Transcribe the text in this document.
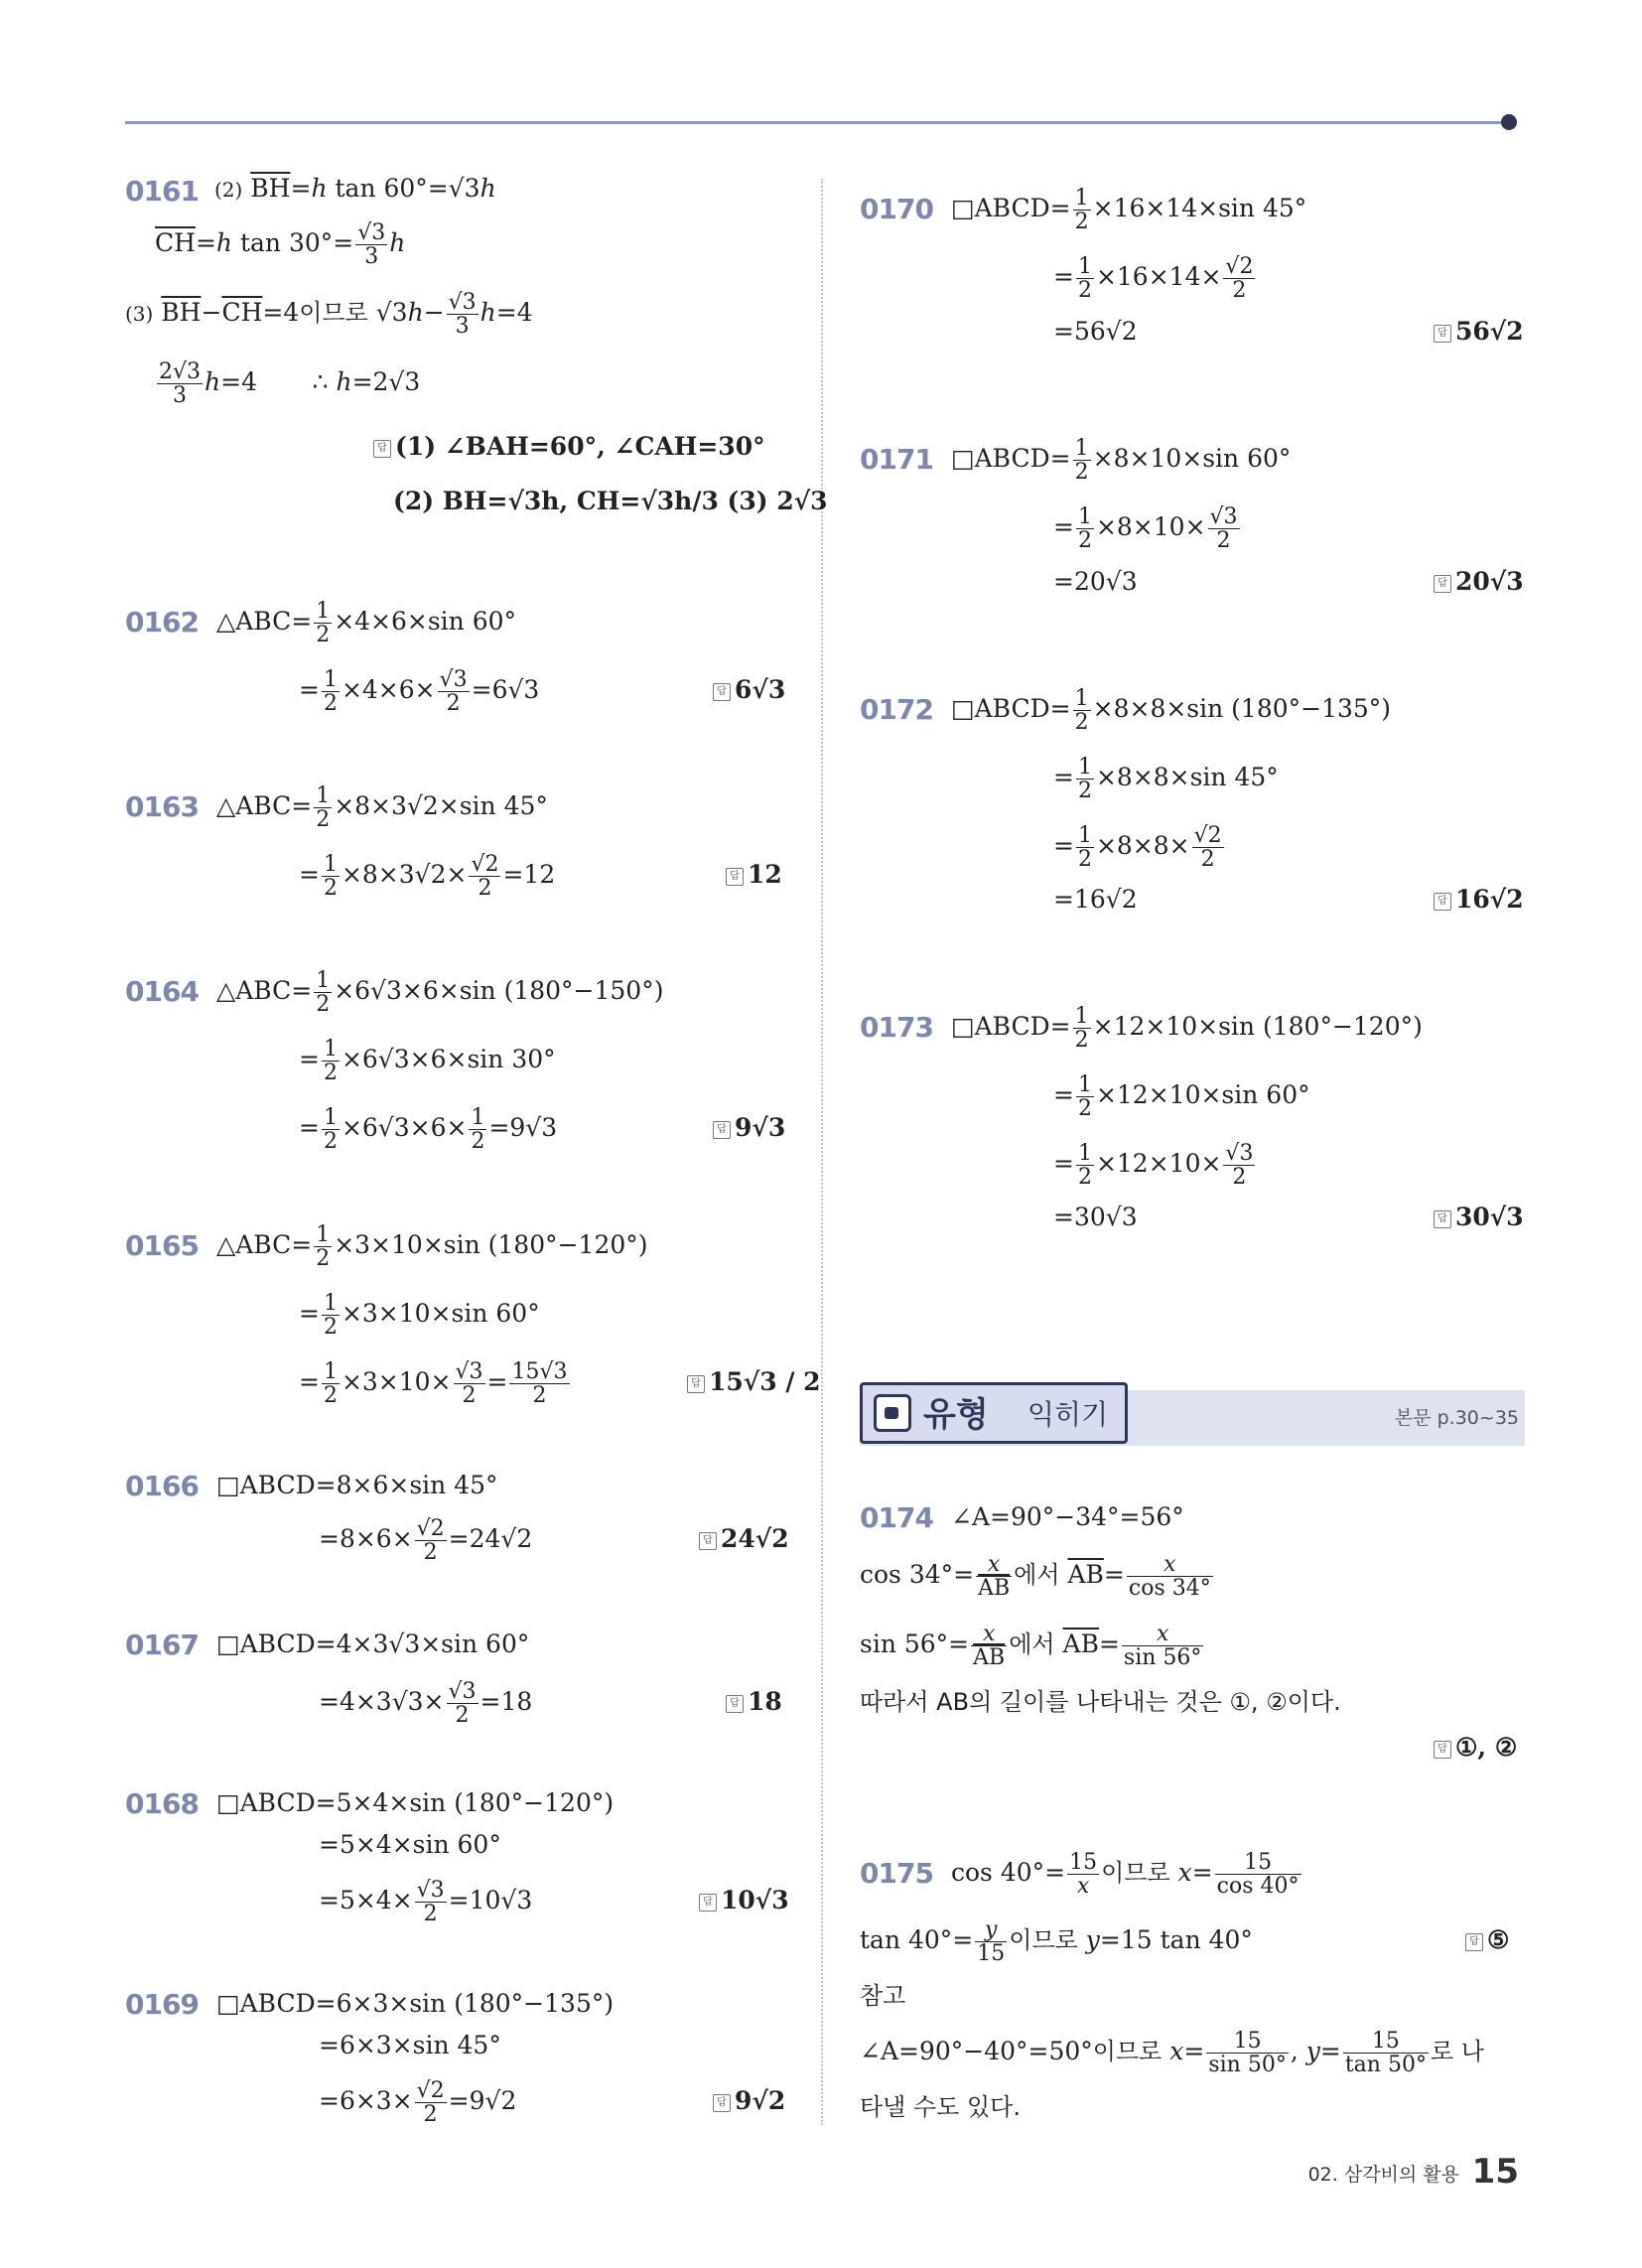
0161 (2) $\overline{BH}=h$ tan 60°=√3h
$\overline{CH}=h$ $\tan 30^\circ= \frac{√3}{3}$ h
(3) $\overline{BH}-\overline{CH}=4$이므로 $√3h- \frac{√3}{3} h=4$
$\frac{2√3}{3} h=4$       ∴ h=2√3
답 (1) ∠BAH=60°, ∠CAH=30°
(2) BH=√3h, CH=√3h/3 (3) 2√3
0162 △ABC= $\frac{1}{2} \times 4\times 6\times\sin$ 60°
= $\frac{1}{2} \times 4\times 6\times \frac{√3}{2} =6√3$	답 6√3
0163 △ABC= $\frac{1}{2} \times 8\times 3√2\times\sin$ 45°
= $\frac{1}{2} \times 8\times 3√2\times \frac{√2}{2} =12$	답 12
0164 △ABC= $\frac{1}{2} \times 6√3\times 6\times\sin$ (180°−150°)
= $\frac{1}{2} \times 6√3\times 6\times\sin$ 30°
= $\frac{1}{2} \times 6√3\times 6\times \frac{1}{2} =9√3$	답 9√3
0165 △ABC= $\frac{1}{2} \times 3\times 10\times\sin$ (180°−120°)
= $\frac{1}{2} \times 3\times 10\times\sin$ 60°
= $\frac{1}{2} \times 3\times 10\times \frac{√3}{2} = \frac{15√3}{2}$	답 15√3 / 2
0166 □ABCD=8×6×sin 45°
$=8\times 6\times \frac{√2}{2} =24√2$	답 24√2
0167 □ABCD=4×3√3×sin 60°
$=4\times 3√3\times \frac{√3}{2} =18$	답 18
0168 □ABCD=5×4×sin (180°−120°)
=5×4×sin 60°
$=5\times 4\times \frac{√3}{2} =10√3$	답 10√3
0169 □ABCD=6×3×sin (180°−135°)
=6×3×sin 45°
$=6\times 3\times \frac{√2}{2} =9√2$	답 9√2
0170 □ABCD= $\frac{1}{2} \times 16\times 14\times\sin$ 45°
= $\frac{1}{2} \times 16\times 14\times \frac{√2}{2}$
=56√2	답 56√2
0171 □ABCD= $\frac{1}{2} \times 8\times 10\times\sin$ 60°
= $\frac{1}{2} \times 8\times 10\times \frac{√3}{2}$
=20√3	답 20√3
0172 □ABCD= $\frac{1}{2} \times 8\times 8\times\sin$ (180°−135°)
= $\frac{1}{2} \times 8\times 8\times\sin$ 45°
= $\frac{1}{2} \times 8\times 8\times \frac{√2}{2}$
=16√2	답 16√2
0173 □ABCD= $\frac{1}{2} \times 12\times 10\times\sin$ (180°−120°)
= $\frac{1}{2} \times 12\times 10\times\sin$ 60°
= $\frac{1}{2} \times 12\times 10\times \frac{√3}{2}$
=30√3	답 30√3
유형 익히기	본문 p.30~35
0174 ∠A=90°−34°=56°
$\cos 34^\circ= \frac{x}{AB}$ 에서 $\overline{AB}= \frac{x}{\cos 34^\circ}$
$\sin 56^\circ= \frac{x}{AB}$ 에서 $\overline{AB}= \frac{x}{\sin 56^\circ}$
따라서 AB의 길이를 나타내는 것은 ①, ②이다.
답 ①, ②
0175 $\cos 40^\circ= \frac{15}{x}$ 이므로 $x= \frac{15}{\cos 40^\circ}$
$\tan 40^\circ= \frac{y}{15}$ 이므로 y=15 tan 40°	답 ⑤
참고
∠A=90°−40°=50°이므로 $x= \frac{15}{\sin 50^\circ}$ , $y= \frac{15}{\tan 50^\circ}$ 로 나
타낼 수도 있다.
02. 삼각비의 활용 15
